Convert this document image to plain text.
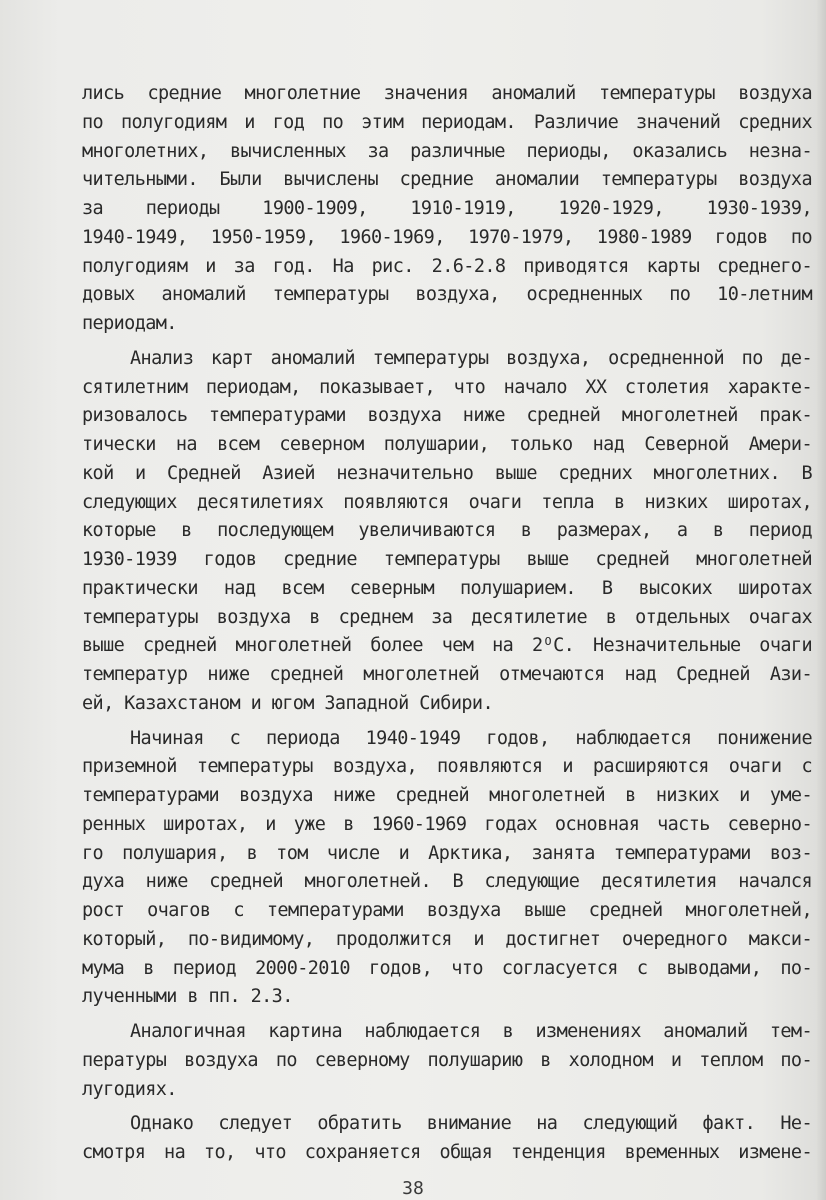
лись средние многолетние значения аномалий температуры воздуха
по полугодиям и год по этим периодам. Различие значений средних
многолетних, вычисленных за различные периоды, оказались незна-
чительными. Были вычислены средние аномалии температуры воздуха
за периоды 1900-1909, 1910-1919, 1920-1929, 1930-1939,
1940-1949, 1950-1959, 1960-1969, 1970-1979, 1980-1989 годов по
полугодиям и за год. На рис. 2.6-2.8 приводятся карты среднего-
довых аномалий температуры воздуха, осредненных по 10-летним
периодам.
Анализ карт аномалий температуры воздуха, осредненной по де-
сятилетним периодам, показывает, что начало XX столетия характе-
ризовалось температурами воздуха ниже средней многолетней прак-
тически на всем северном полушарии, только над Северной Амери-
кой и Средней Азией незначительно выше средних многолетних. В
следующих десятилетиях появляются очаги тепла в низких широтах,
которые в последующем увеличиваются в размерах, а в период
1930-1939 годов средние температуры выше средней многолетней
практически над всем северным полушарием. В высоких широтах
температуры воздуха в среднем за десятилетие в отдельных очагах
выше средней многолетней более чем на 2ᴼС. Незначительные очаги
температур ниже средней многолетней отмечаются над Средней Ази-
ей, Казахстаном и югом Западной Сибири.
Начиная с периода 1940-1949 годов, наблюдается понижение
приземной температуры воздуха, появляются и расширяются очаги с
температурами воздуха ниже средней многолетней в низких и уме-
ренных широтах, и уже в 1960-1969 годах основная часть северно-
го полушария, в том числе и Арктика, занята температурами воз-
духа ниже средней многолетней. В следующие десятилетия начался
рост очагов с температурами воздуха выше средней многолетней,
который, по-видимому, продолжится и достигнет очередного макси-
мума в период 2000-2010 годов, что согласуется с выводами, по-
лученными в пп. 2.3.
Аналогичная картина наблюдается в изменениях аномалий тем-
пературы воздуха по северному полушарию в холодном и теплом по-
лугодиях.
Однако следует обратить внимание на следующий факт. Не-
смотря на то, что сохраняется общая тенденция временных измене-
38
